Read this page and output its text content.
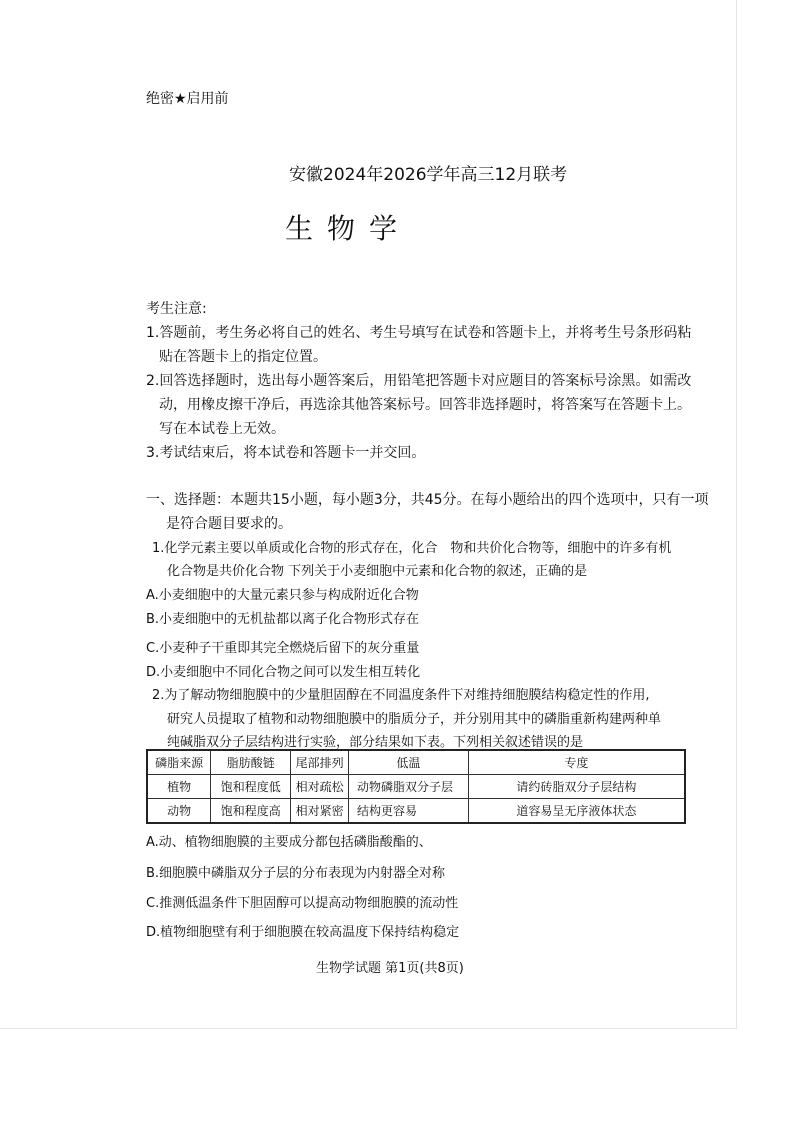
绝密★启用前
安徽2024年2026学年高三12月联考
生物学
考生注意:
1.答题前，考生务必将自己的姓名、考生号填写在试卷和答题卡上，并将考生号条形码粘
贴在答题卡上的指定位置。
2.回答选择题时，选出每小题答案后，用铅笔把答题卡对应题目的答案标号涂黑。如需改
动，用橡皮擦干净后，再选涂其他答案标号。回答非选择题时，将答案写在答题卡上。
写在本试卷上无效。
3.考试结束后，将本试卷和答题卡一并交回。
一、选择题：本题共15小题，每小题3分，共45分。在每小题给出的四个选项中，只有一项
是符合题目要求的。
1.化学元素主要以单质或化合物的形式存在，化合　物和共价化合物等，细胞中的许多有机
化合物是共价化合物 下列关于小麦细胞中元素和化合物的叙述，正确的是
A.小麦细胞中的大量元素只参与构成附近化合物
B.小麦细胞中的无机盐都以离子化合物形式存在
C.小麦种子干重即其完全燃烧后留下的灰分重量
D.小麦细胞中不同化合物之间可以发生相互转化
2.为了解动物细胞膜中的少量胆固醇在不同温度条件下对维持细胞膜结构稳定性的作用,
研究人员提取了植物和动物细胞膜中的脂质分子，并分别用其中的磷脂重新构建两种单
纯碱脂双分子层结构进行实验，部分结果如下表。下列相关叙述错误的是
磷脂来源	脂肪酸链	尾部排列	低温	专度
植物	饱和程度低	相对疏松	动物磷脂双分子层	请约砖脂双分子层结构
动物	饱和程度高	相对紧密	结构更容易	道容易呈无序液体状态
A.动、植物细胞膜的主要成分都包括磷脂酸酯的、
B.细胞膜中磷脂双分子层的分布表现为内射器全对称
C.推测低温条件下胆固醇可以提高动物细胞膜的流动性
D.植物细胞壁有利于细胞膜在较高温度下保持结构稳定
生物学试题 第1页(共8页)
